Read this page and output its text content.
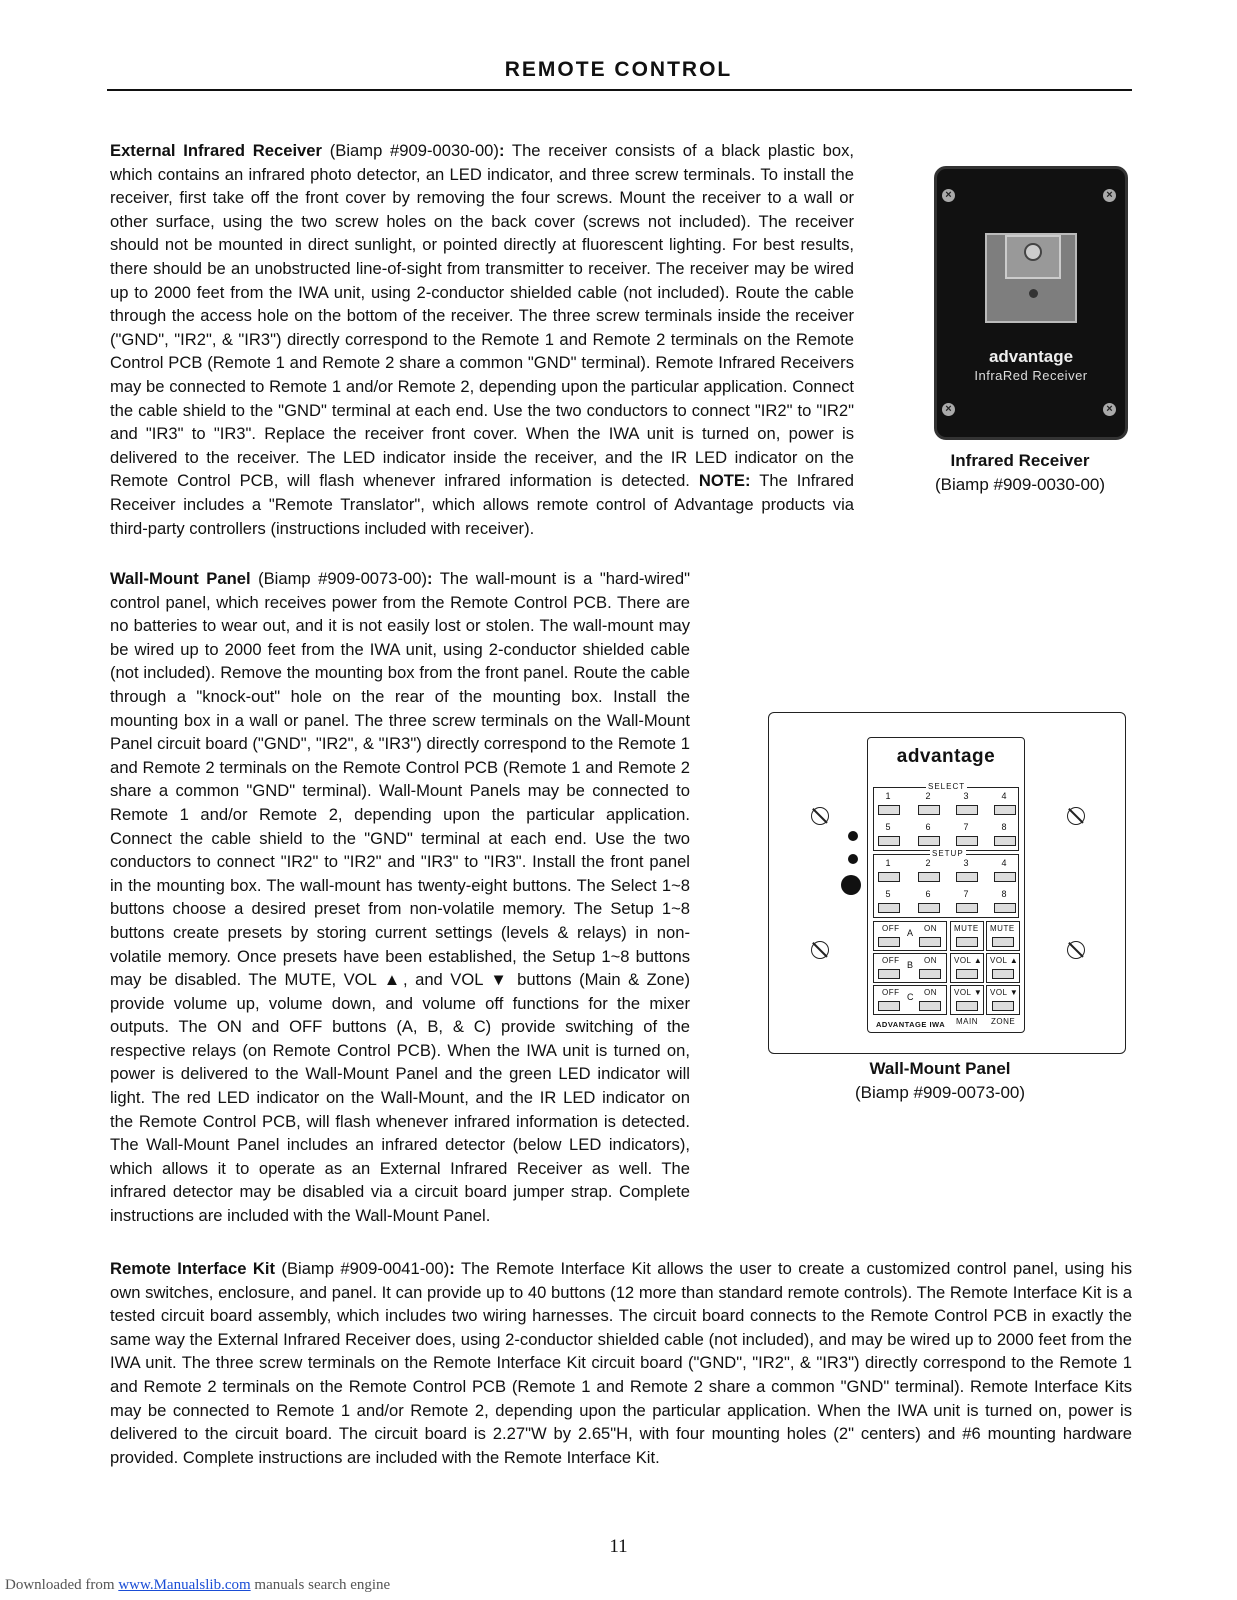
REMOTE CONTROL

External Infrared Receiver (Biamp #909-0030-00): The receiver consists of a black plastic box, which contains an infrared photo detector, an LED indicator, and three screw terminals. To install the receiver, first take off the front cover by removing the four screws. Mount the receiver to a wall or other surface, using the two screw holes on the back cover (screws not included). The receiver should not be mounted in direct sunlight, or pointed directly at fluorescent lighting. For best results, there should be an unobstructed line-of-sight from transmitter to receiver. The receiver may be wired up to 2000 feet from the IWA unit, using 2-conductor shielded cable (not included). Route the cable through the access hole on the bottom of the receiver. The three screw terminals inside the receiver ("GND", "IR2", & "IR3") directly correspond to the Remote 1 and Remote 2 terminals on the Remote Control PCB (Remote 1 and Remote 2 share a common "GND" terminal). Remote Infrared Receivers may be connected to Remote 1 and/or Remote 2, depending upon the particular application. Connect the cable shield to the "GND" terminal at each end. Use the two conductors to connect "IR2" to "IR2" and "IR3" to "IR3". Replace the receiver front cover. When the IWA unit is turned on, power is delivered to the receiver. The LED indicator inside the receiver, and the IR LED indicator on the Remote Control PCB, will flash whenever infrared information is detected. NOTE: The Infrared Receiver includes a "Remote Translator", which allows remote control of Advantage products via third-party controllers (instructions included with receiver).

×	×
×	×
advantage
InfraRed Receiver
Infrared Receiver
(Biamp #909-0030-00)

Wall-Mount Panel (Biamp #909-0073-00): The wall-mount is a "hard-wired" control panel, which receives power from the Remote Control PCB. There are no batteries to wear out, and it is not easily lost or stolen. The wall-mount may be wired up to 2000 feet from the IWA unit, using 2-conductor shielded cable (not included). Remove the mounting box from the front panel. Route the cable through a "knock-out" hole on the rear of the mounting box. Install the mounting box in a wall or panel. The three screw terminals on the Wall-Mount Panel circuit board ("GND", "IR2", & "IR3") directly correspond to the Remote 1 and Remote 2 terminals on the Remote Control PCB (Remote 1 and Remote 2 share a common "GND" terminal). Wall-Mount Panels may be connected to Remote 1 and/or Remote 2, depending upon the particular application. Connect the cable shield to the "GND" terminal at each end. Use the two conductors to connect "IR2" to "IR2" and "IR3" to "IR3". Install the front panel in the mounting box. The wall-mount has twenty-eight buttons. The Select 1~8 buttons choose a desired preset from non-volatile memory. The Setup 1~8 buttons create presets by storing current settings (levels & relays) in non-volatile memory. Once presets have been established, the Setup 1~8 buttons may be disabled. The MUTE, VOL ▲, and VOL ▼ buttons (Main & Zone) provide volume up, volume down, and volume off functions for the mixer outputs. The ON and OFF buttons (A, B, & C) provide switching of the respective relays (on Remote Control PCB). When the IWA unit is turned on, power is delivered to the Wall-Mount Panel and the green LED indicator will light. The red LED indicator on the Wall-Mount, and the IR LED indicator on the Remote Control PCB, will flash whenever infrared information is detected. The Wall-Mount Panel includes an infrared detector (below LED indicators), which allows it to operate as an External Infrared Receiver as well. The infrared detector may be disabled via a circuit board jumper strap. Complete instructions are included with the Wall-Mount Panel.

advantage
SELECT
1	2	3	4
5	6	7	8
SETUP
1	2	3	4
5	6	7	8
OFF A ON MUTE MUTE
OFF B ON VOL ▲ VOL ▲
OFF C ON VOL ▼ VOL ▼
ADVANTAGE IWA MAIN ZONE
Wall-Mount Panel
(Biamp #909-0073-00)

Remote Interface Kit (Biamp #909-0041-00): The Remote Interface Kit allows the user to create a customized control panel, using his own switches, enclosure, and panel. It can provide up to 40 buttons (12 more than standard remote controls). The Remote Interface Kit is a tested circuit board assembly, which includes two wiring harnesses. The circuit board connects to the Remote Control PCB in exactly the same way the External Infrared Receiver does, using 2-conductor shielded cable (not included), and may be wired up to 2000 feet from the IWA unit. The three screw terminals on the Remote Interface Kit circuit board ("GND", "IR2", & "IR3") directly correspond to the Remote 1 and Remote 2 terminals on the Remote Control PCB (Remote 1 and Remote 2 share a common "GND" terminal). Remote Interface Kits may be connected to Remote 1 and/or Remote 2, depending upon the particular application. When the IWA unit is turned on, power is delivered to the circuit board. The circuit board is 2.27"W by 2.65"H, with four mounting holes (2" centers) and #6 mounting hardware provided. Complete instructions are included with the Remote Interface Kit.

11
Downloaded from www.Manualslib.com manuals search engine
